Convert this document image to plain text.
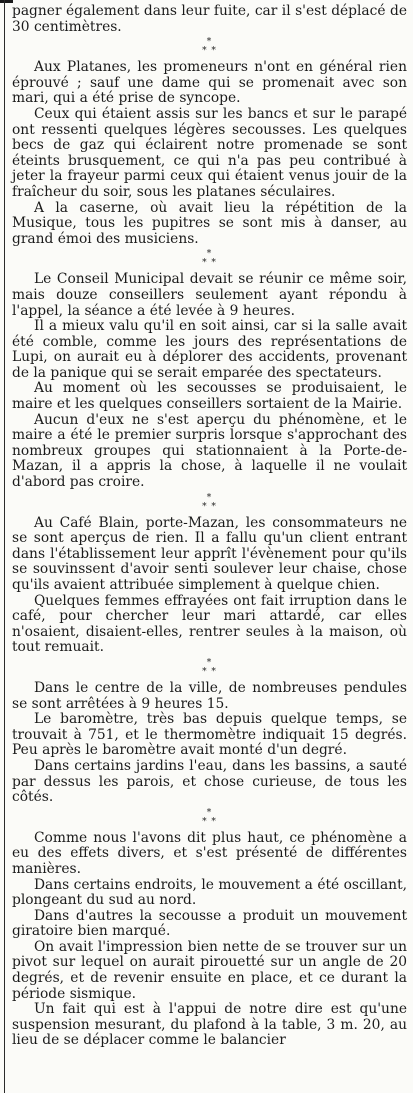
pagner également dans leur fuite, car il s'est déplacé de 30 centimètres.

*
* *

Aux Platanes, les promeneurs n'ont en général rien éprouvé ; sauf une dame qui se promenait avec son mari, qui a été prise de syncope.

Ceux qui étaient assis sur les bancs et sur le parapé ont ressenti quelques légères secousses. Les quelques becs de gaz qui éclairent notre promenade se sont éteints brusquement, ce qui n'a pas peu contribué à jeter la frayeur parmi ceux qui étaient venus jouir de la fraîcheur du soir, sous les platanes séculaires.

A la caserne, où avait lieu la répétition de la Musique, tous les pupitres se sont mis à danser, au grand émoi des musiciens.

*
* *

Le Conseil Municipal devait se réunir ce même soir, mais douze conseillers seulement ayant répondu à l'appel, la séance a été levée à 9 heures.

Il a mieux valu qu'il en soit ainsi, car si la salle avait été comble, comme les jours des représentations de Lupi, on aurait eu à déplorer des accidents, provenant de la panique qui se serait emparée des spectateurs.

Au moment où les secousses se produisaient, le maire et les quelques conseillers sortaient de la Mairie.

Aucun d'eux ne s'est aperçu du phénomène, et le maire a été le premier surpris lorsque s'approchant des nombreux groupes qui stationnaient à la Porte-de-Mazan, il a appris la chose, à laquelle il ne voulait d'abord pas croire.

*
* *

Au Café Blain, porte-Mazan, les consommateurs ne se sont aperçus de rien. Il a fallu qu'un client entrant dans l'établissement leur apprît l'évènement pour qu'ils se souvinssent d'avoir senti soulever leur chaise, chose qu'ils avaient attribuée simplement à quelque chien.

Quelques femmes effrayées ont fait irruption dans le café, pour chercher leur mari attardé, car elles n'osaient, disaient-elles, rentrer seules à la maison, où tout remuait.

*
* *

Dans le centre de la ville, de nombreuses pendules se sont arrêtées à 9 heures 15.

Le baromètre, très bas depuis quelque temps, se trouvait à 751, et le thermomètre indiquait 15 degrés. Peu après le baromètre avait monté d'un degré.

Dans certains jardins l'eau, dans les bassins, a sauté par dessus les parois, et chose curieuse, de tous les côtés.

*
* *

Comme nous l'avons dit plus haut, ce phénomène a eu des effets divers, et s'est présenté de différentes manières.

Dans certains endroits, le mouvement a été oscillant, plongeant du sud au nord.

Dans d'autres la secousse a produit un mouvement giratoire bien marqué.

On avait l'impression bien nette de se trouver sur un pivot sur lequel on aurait pirouetté sur un angle de 20 degrés, et de revenir ensuite en place, et ce durant la période sismique.

Un fait qui est à l'appui de notre dire est qu'une suspension mesurant, du plafond à la table, 3 m. 20, au lieu de se déplacer comme le balancier
